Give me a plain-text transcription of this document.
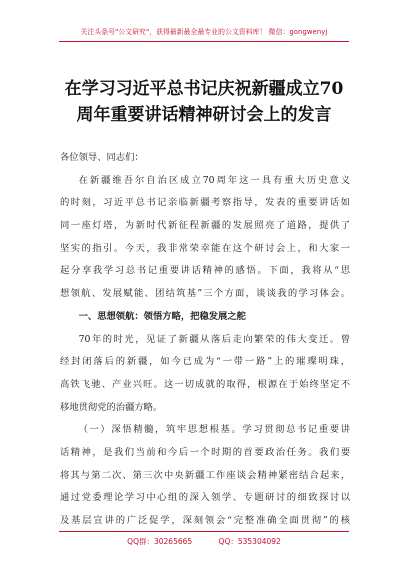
关注头条号"公文研究"，获得最新最全最专业的公文资料库！ 微信：gongwenyj
在学习习近平总书记庆祝新疆成立70
周年重要讲话精神研讨会上的发言
各位领导、同志们：
在新疆维吾尔自治区成立70周年这一具有重大历史意义
的时刻，习近平总书记亲临新疆考察指导，发表的重要讲话如
同一座灯塔，为新时代新征程新疆的发展照亮了道路，提供了
坚实的指引。今天，我非常荣幸能在这个研讨会上，和大家一
起分享我学习总书记重要讲话精神的感悟。下面，我将从“思
想领航、发展赋能、团结筑基”三个方面，谈谈我的学习体会。
一、思想领航：领悟方略，把稳发展之舵
70年的时光，见证了新疆从落后走向繁荣的伟大变迁。曾
经封闭落后的新疆，如今已成为“一带一路”上的璀璨明珠，
高铁飞驰、产业兴旺。这一切成就的取得，根源在于始终坚定不
移地贯彻党的治疆方略。
（一）深悟精髓，筑牢思想根基。学习贯彻总书记重要讲
话精神，是我们当前和今后一个时期的首要政治任务。我们要
将其与第二次、第三次中央新疆工作座谈会精神紧密结合起来，
通过党委理论学习中心组的深入领学、专题研讨的细致探讨以
及基层宣讲的广泛促学，深刻领会“完整准确全面贯彻”的核
QQ群：30265665	QQ：535304092
